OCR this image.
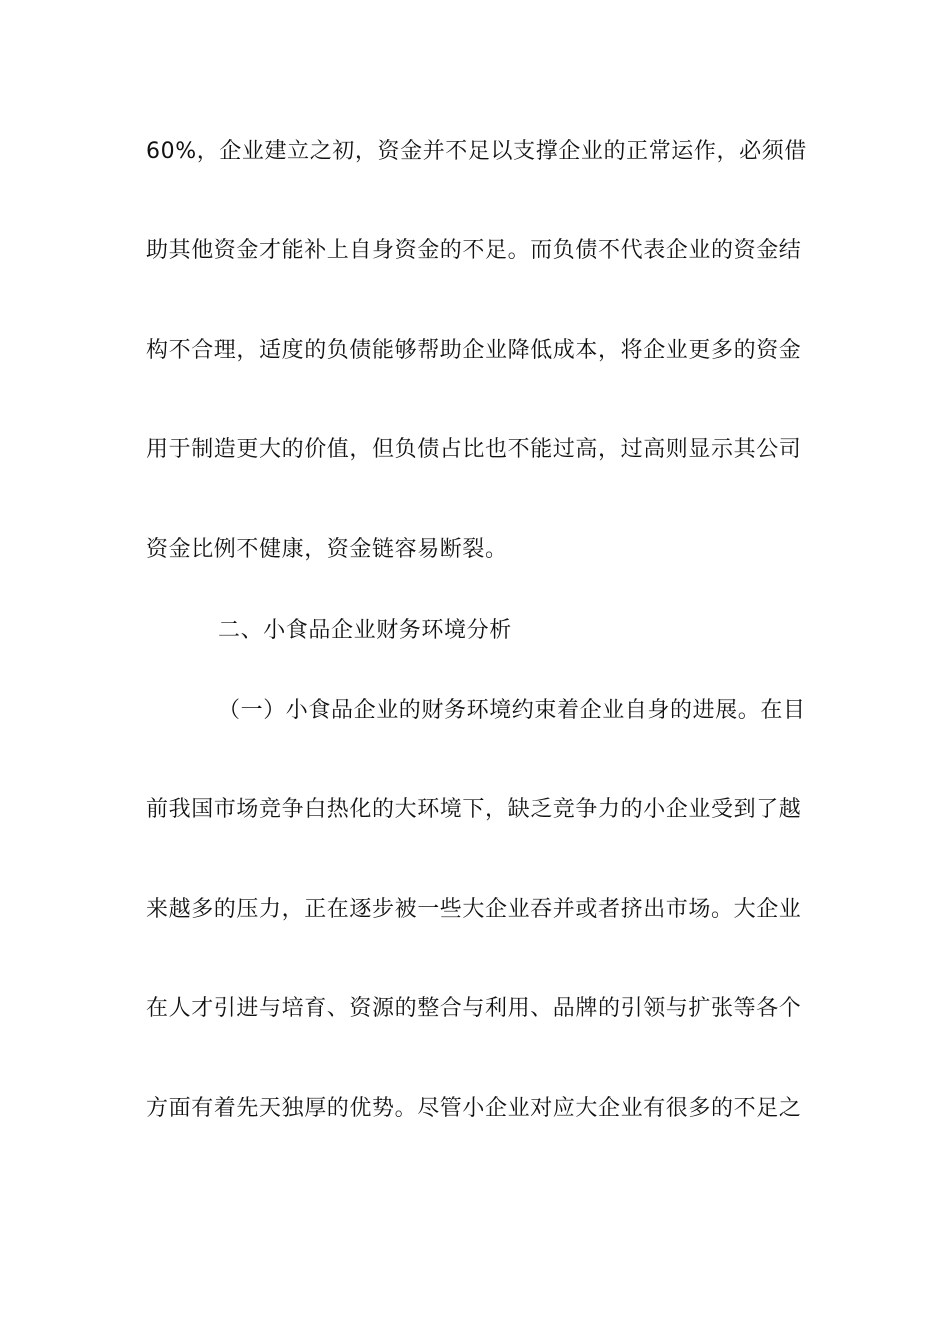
60%，企业建立之初，资金并不足以支撑企业的正常运作，必须借
助其他资金才能补上自身资金的不足。而负债不代表企业的资金结
构不合理，适度的负债能够帮助企业降低成本，将企业更多的资金
用于制造更大的价值，但负债占比也不能过高，过高则显示其公司
资金比例不健康，资金链容易断裂。
二、小食品企业财务环境分析
（一）小食品企业的财务环境约束着企业自身的进展。在目
前我国市场竞争白热化的大环境下，缺乏竞争力的小企业受到了越
来越多的压力，正在逐步被一些大企业吞并或者挤出市场。大企业
在人才引进与培育、资源的整合与利用、品牌的引领与扩张等各个
方面有着先天独厚的优势。尽管小企业对应大企业有很多的不足之
